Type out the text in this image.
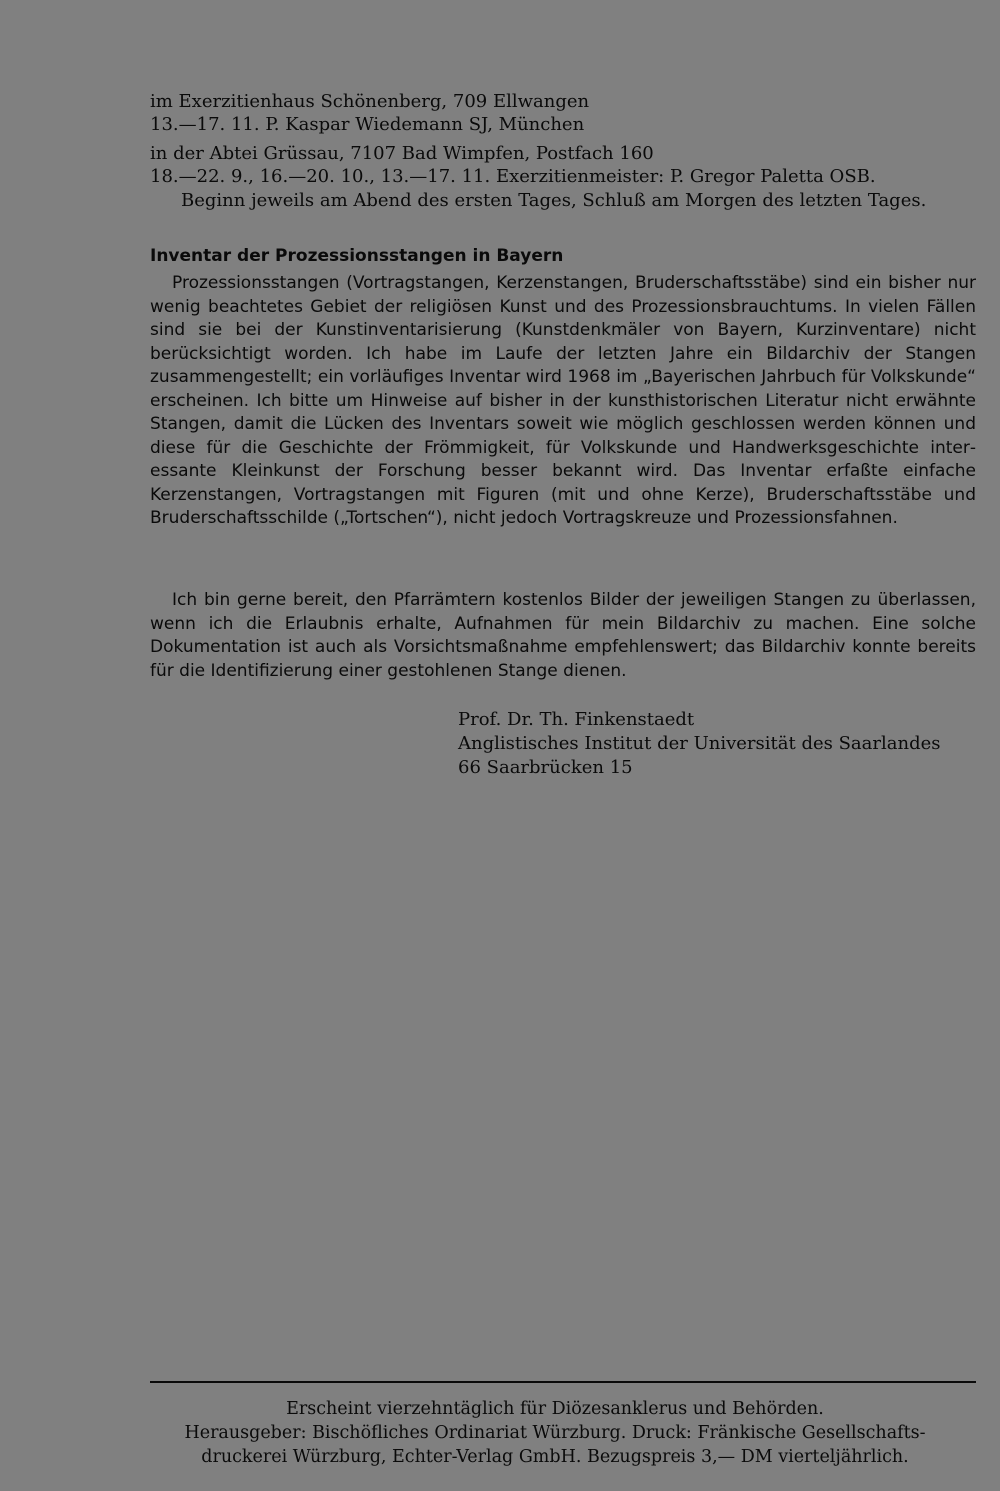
im Exerzitienhaus Schönenberg, 709 Ellwangen
13.—17. 11. P. Kaspar Wiedemann SJ, München
in der Abtei Grüssau, 7107 Bad Wimpfen, Postfach 160
18.—22. 9., 16.—20. 10., 13.—17. 11. Exerzitienmeister: P. Gregor Paletta OSB.
Beginn jeweils am Abend des ersten Tages, Schluß am Morgen des letzten Tages.
Inventar der Prozessionsstangen in Bayern

Prozessionsstangen (Vortragstangen, Kerzenstangen, Bruderschaftsstäbe) sind ein bisher nur wenig beachtetes Gebiet der religiösen Kunst und des Prozessionsbrauchtums. In vielen Fällen sind sie bei der Kunstinventarisierung (Kunstdenkmäler von Bayern, Kurzinventare) nicht berücksichtigt worden. Ich habe im Laufe der letzten Jahre ein Bildarchiv der Stangen zusammengestellt; ein vorläufiges Inventar wird 1968 im „Bayerischen Jahrbuch für Volkskunde“ erscheinen. Ich bitte um Hinweise auf bisher in der kunsthistorischen Literatur nicht erwähnte Stangen, damit die Lücken des Inventars soweit wie möglich geschlossen werden können und diese für die Geschichte der Frömmigkeit, für Volkskunde und Handwerksgeschichte interessante Kleinkunst der Forschung besser bekannt wird. Das Inventar erfaßte einfache Kerzenstangen, Vortragstangen mit Figuren (mit und ohne Kerze), Bruderschaftsstäbe und Bruderschaftsschilde („Tortschen“), nicht jedoch Vortragskreuze und Prozessionsfahnen.

Ich bin gerne bereit, den Pfarrämtern kostenlos Bilder der jeweiligen Stangen zu überlassen, wenn ich die Erlaubnis erhalte, Aufnahmen für mein Bildarchiv zu machen. Eine solche Dokumentation ist auch als Vorsichtsmaßnahme empfehlenswert; das Bildarchiv konnte bereits für die Identifizierung einer gestohlenen Stange dienen.

Prof. Dr. Th. Finkenstaedt
Anglistisches Institut der Universität des Saarlandes
66 Saarbrücken 15
Erscheint vierzehntäglich für Diözesanklerus und Behörden.
Herausgeber: Bischöfliches Ordinariat Würzburg. Druck: Fränkische Gesellschafts-
druckerei Würzburg, Echter-Verlag GmbH. Bezugspreis 3,— DM vierteljährlich.
